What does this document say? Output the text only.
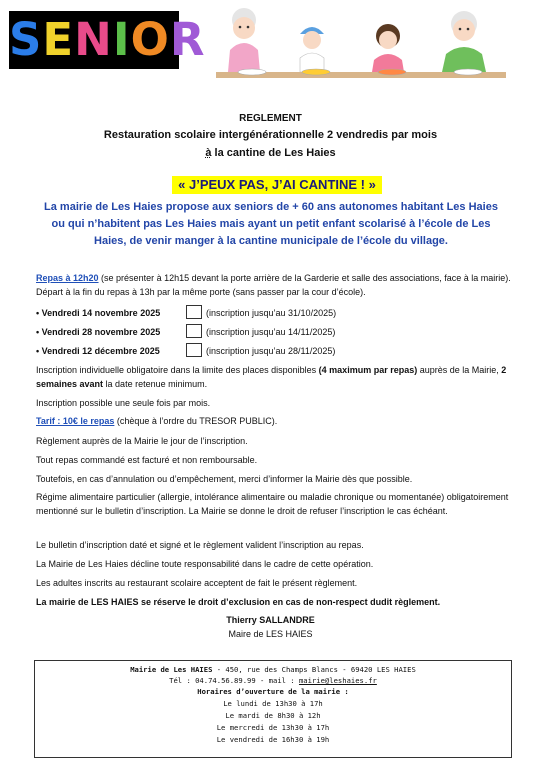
SENIOR
REGLEMENT
Restauration scolaire intergénérationnelle 2 vendredis par mois
à la cantine de Les Haies
« J’PEUX PAS, J’AI CANTINE ! »
La mairie de Les Haies propose aux seniors de + 60 ans autonomes habitant Les Haies ou qui n’habitent pas Les Haies mais ayant un petit enfant scolarisé à l’école de Les Haies, de venir manger à la cantine municipale de l’école du village.
Repas à 12h20 (se présenter à 12h15 devant la porte arrière de la Garderie et salle des associations, face à la mairie). Départ à la fin du repas à 13h par la même porte (sans passer par la cour d’école).
• Vendredi 14 novembre 2025	(inscription jusqu’au 31/10/2025)
• Vendredi 28 novembre 2025	(inscription jusqu’au 14/11/2025)
• Vendredi 12 décembre 2025	(inscription jusqu’au 28/11/2025)
Inscription individuelle obligatoire dans la limite des places disponibles (4 maximum par repas) auprès de la Mairie, 2 semaines avant la date retenue minimum.
Inscription possible une seule fois par mois.
Tarif : 10€ le repas (chèque à l’ordre du TRESOR PUBLIC).
Règlement auprès de la Mairie le jour de l’inscription.
Tout repas commandé est facturé et non remboursable.
Toutefois, en cas d’annulation ou d’empêchement, merci d’informer la Mairie dès que possible.
Régime alimentaire particulier (allergie, intolérance alimentaire ou maladie chronique ou momentanée) obligatoirement mentionné sur le bulletin d’inscription. La Mairie se donne le droit de refuser l’inscription le cas échéant.
Le bulletin d’inscription daté et signé et le règlement valident l’inscription au repas.
La Mairie de Les Haies décline toute responsabilité dans le cadre de cette opération.
Les adultes inscrits au restaurant scolaire acceptent de fait le présent règlement.
La mairie de LES HAIES se réserve le droit d’exclusion en cas de non-respect dudit règlement.
Thierry SALLANDRE
Maire de LES HAIES
Mairie de Les HAIES - 450, rue des Champs Blancs - 69420 LES HAIES
Tél : 04.74.56.89.99 - mail : mairie@leshaies.fr
Horaires d’ouverture de la mairie :
Le lundi de 13h30 à 17h
Le mardi de 8h30 à 12h
Le mercredi de 13h30 à 17h
Le vendredi de 16h30 à 19h
